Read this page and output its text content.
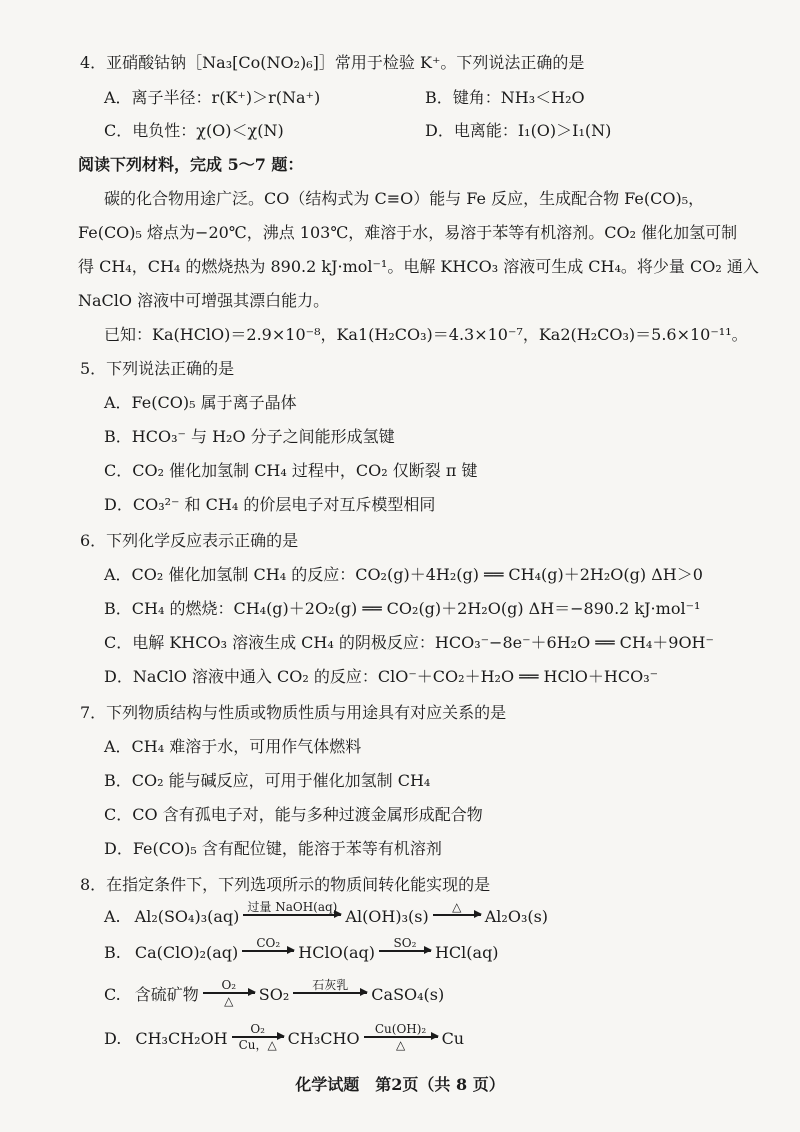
4．亚硝酸钴钠［Na₃[Co(NO₂)₆]］常用于检验 K⁺。下列说法正确的是
A．离子半径：r(K⁺)＞r(Na⁺)	B．键角：NH₃＜H₂O
C．电负性：χ(O)＜χ(N)	D．电离能：I₁(O)＞I₁(N)
阅读下列材料，完成 5～7 题：
碳的化合物用途广泛。CO（结构式为 C≡O）能与 Fe 反应，生成配合物 Fe(CO)₅，
Fe(CO)₅ 熔点为−20℃，沸点 103℃，难溶于水，易溶于苯等有机溶剂。CO₂ 催化加氢可制
得 CH₄，CH₄ 的燃烧热为 890.2 kJ·mol⁻¹。电解 KHCO₃ 溶液可生成 CH₄。将少量 CO₂ 通入
NaClO 溶液中可增强其漂白能力。
已知：Ka(HClO)＝2.9×10⁻⁸，Ka1(H₂CO₃)＝4.3×10⁻⁷，Ka2(H₂CO₃)＝5.6×10⁻¹¹。
5．下列说法正确的是
A．Fe(CO)₅ 属于离子晶体
B．HCO₃⁻ 与 H₂O 分子之间能形成氢键
C．CO₂ 催化加氢制 CH₄ 过程中，CO₂ 仅断裂 π 键
D．CO₃²⁻ 和 CH₄ 的价层电子对互斥模型相同
6．下列化学反应表示正确的是
A．CO₂ 催化加氢制 CH₄ 的反应：CO₂(g)＋4H₂(g) ══ CH₄(g)＋2H₂O(g) ΔH＞0
B．CH₄ 的燃烧：CH₄(g)＋2O₂(g) ══ CO₂(g)＋2H₂O(g) ΔH＝−890.2 kJ·mol⁻¹
C．电解 KHCO₃ 溶液生成 CH₄ 的阴极反应：HCO₃⁻−8e⁻＋6H₂O ══ CH₄＋9OH⁻
D．NaClO 溶液中通入 CO₂ 的反应：ClO⁻＋CO₂＋H₂O ══ HClO＋HCO₃⁻
7．下列物质结构与性质或物质性质与用途具有对应关系的是
A．CH₄ 难溶于水，可用作气体燃料
B．CO₂ 能与碱反应，可用于催化加氢制 CH₄
C．CO 含有孤电子对，能与多种过渡金属形成配合物
D．Fe(CO)₅ 含有配位键，能溶于苯等有机溶剂
8．在指定条件下，下列选项所示的物质间转化能实现的是
A. Al₂(SO₄)₃(aq) 过量 NaOH(aq) Al(OH)₃(s) △ Al₂O₃(s)
B. Ca(ClO)₂(aq) CO₂ HClO(aq) SO₂ HCl(aq)
C. 含硫矿物 O₂
△ SO₂ 石灰乳 CaSO₄(s)
D. CH₃CH₂OH O₂
Cu，△ CH₃CHO Cu(OH)₂
△ Cu
化学试题　第2页（共 8 页）
